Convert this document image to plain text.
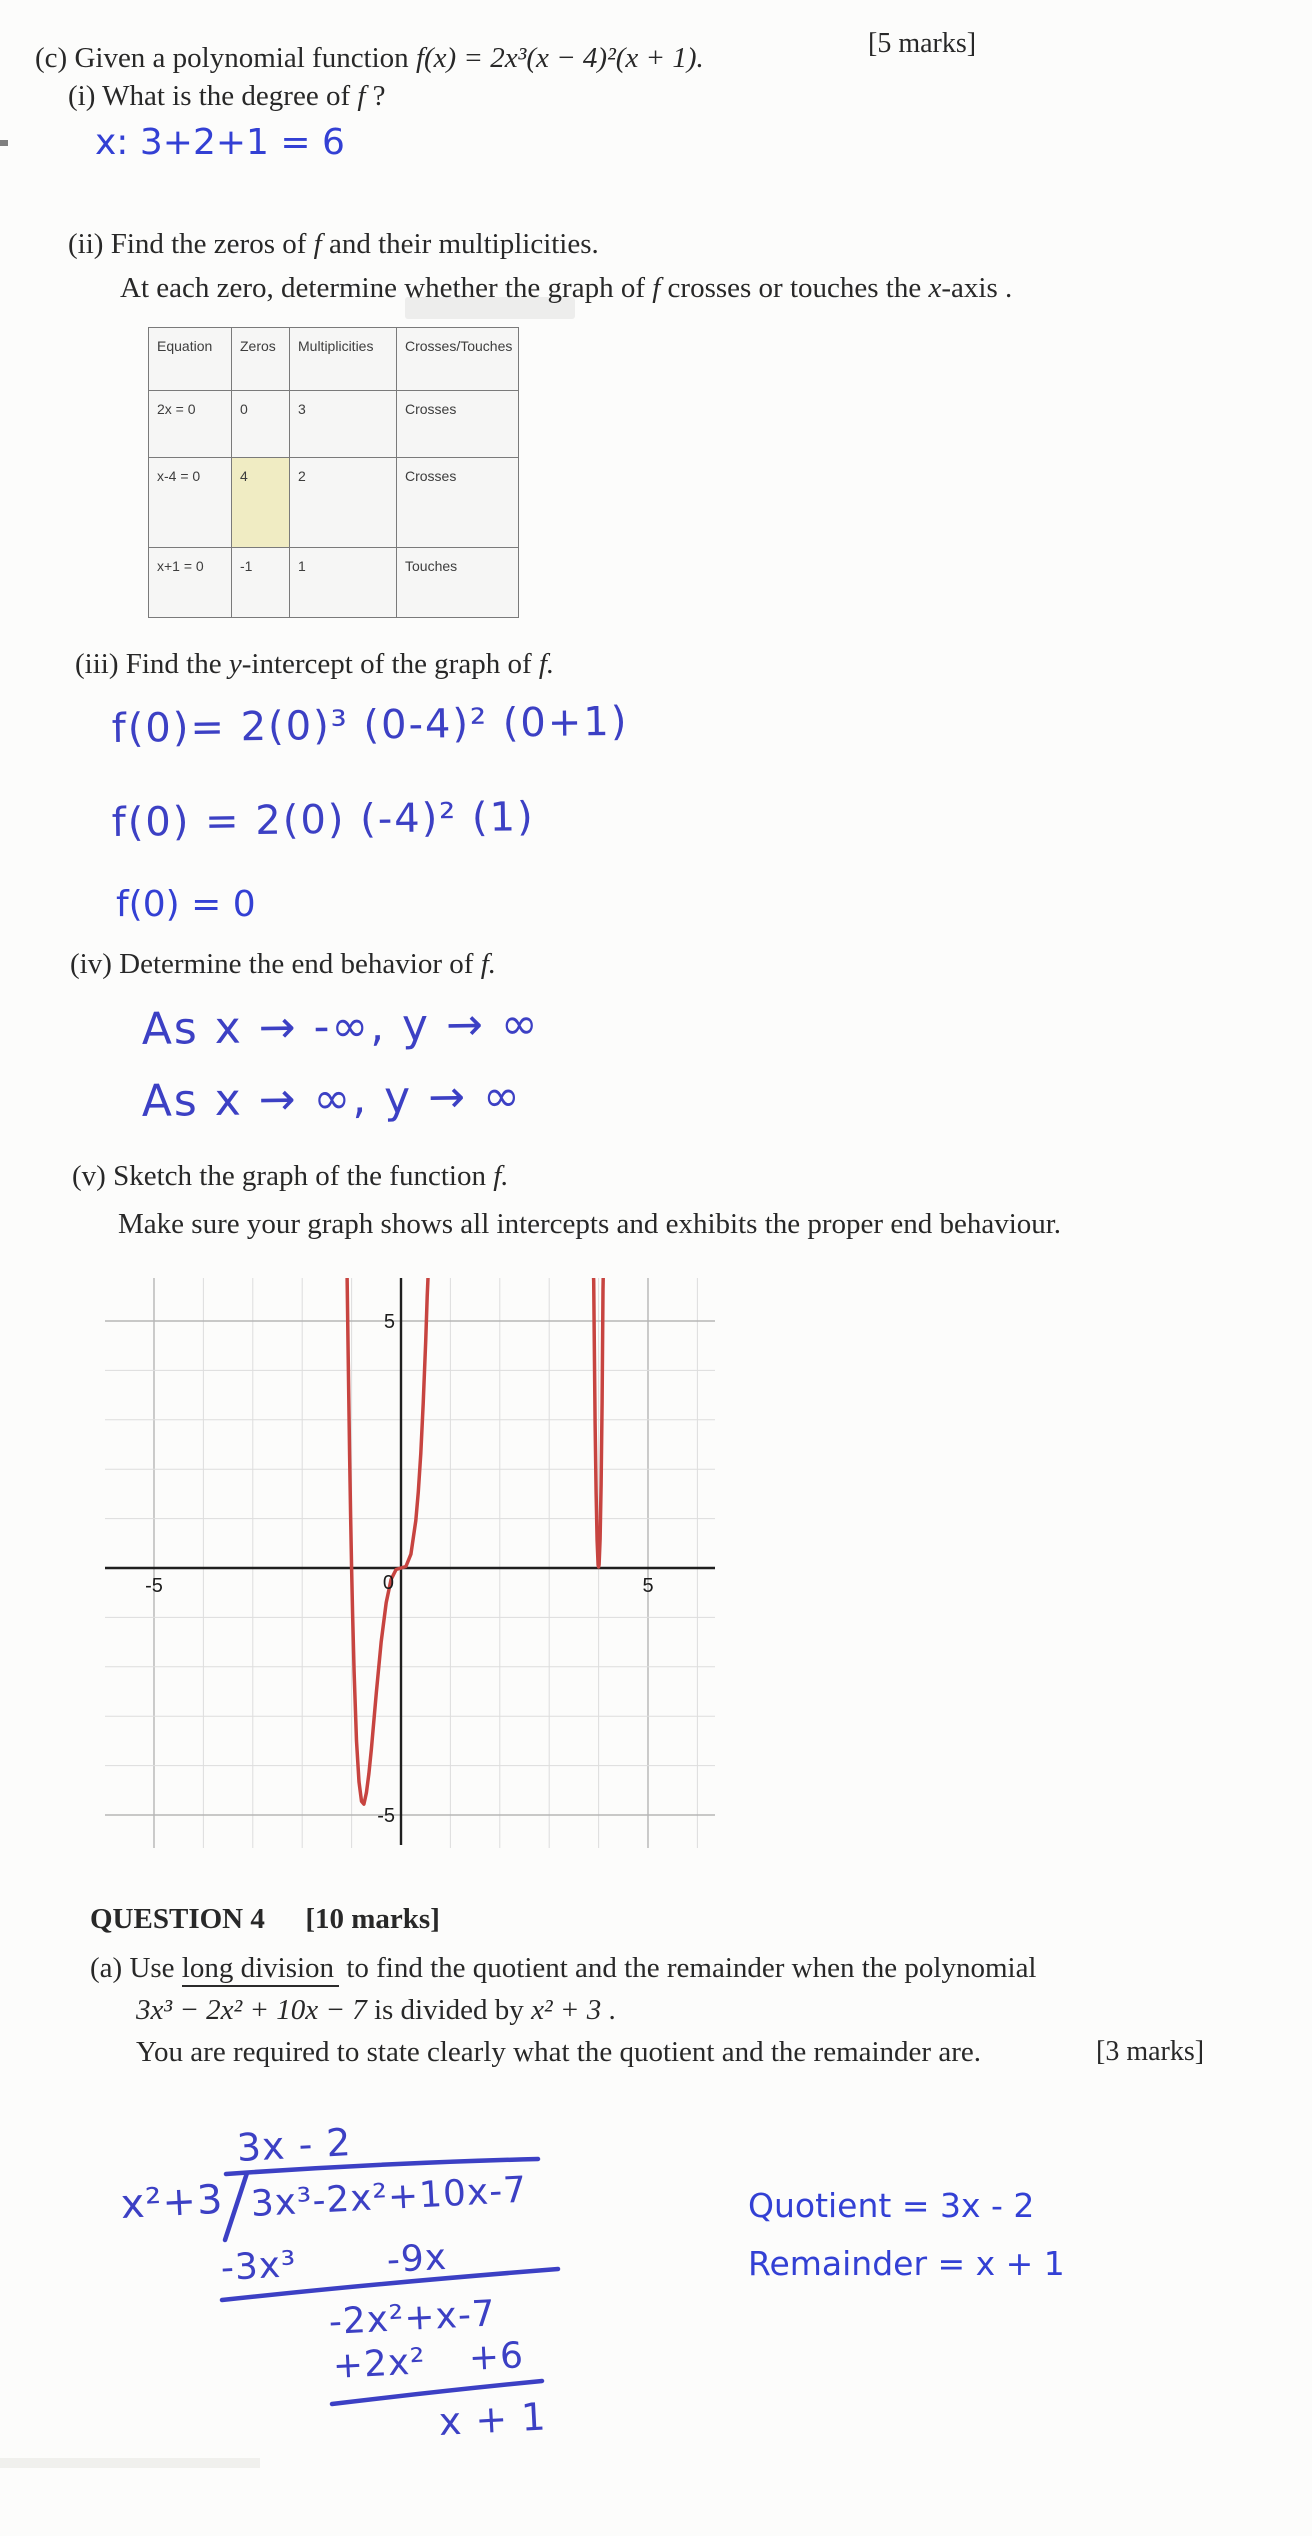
(c) Given a polynomial function f(x) = 2x³(x − 4)²(x + 1).	[5 marks]
(i) What is the degree of f ?
x: 3+2+1 = 6
(ii) Find the zeros of f and their multiplicities.
At each zero, determine whether the graph of f crosses or touches the x-axis .
Equation	Zeros	Multiplicities	Crosses/Touches
2x = 0	0	3	Crosses
x-4 = 0	4	2	Crosses
x+1 = 0	-1	1	Touches
(iii) Find the y-intercept of the graph of f.
f(0)= 2(0)³ (0-4)² (0+1)
f(0) = 2(0) (-4)² (1)
f(0) = 0
(iv) Determine the end behavior of f.
As x → -∞, y → ∞
As x → ∞, y → ∞
(v) Sketch the graph of the function f.
Make sure your graph shows all intercepts and exhibits the proper end behaviour.
-5	0	5
5
-5
QUESTION 4 [10 marks]
(a) Use long division to find the quotient and the remainder when the polynomial
3x³ − 2x² + 10x − 7 is divided by x² + 3 .
You are required to state clearly what the quotient and the remainder are.	[3 marks]
3x - 2
x²+3 3x³-2x²+10x-7
-3x³ -9x
-2x²+x-7
+2x² +6
x + 1
Quotient = 3x - 2
Remainder = x + 1
